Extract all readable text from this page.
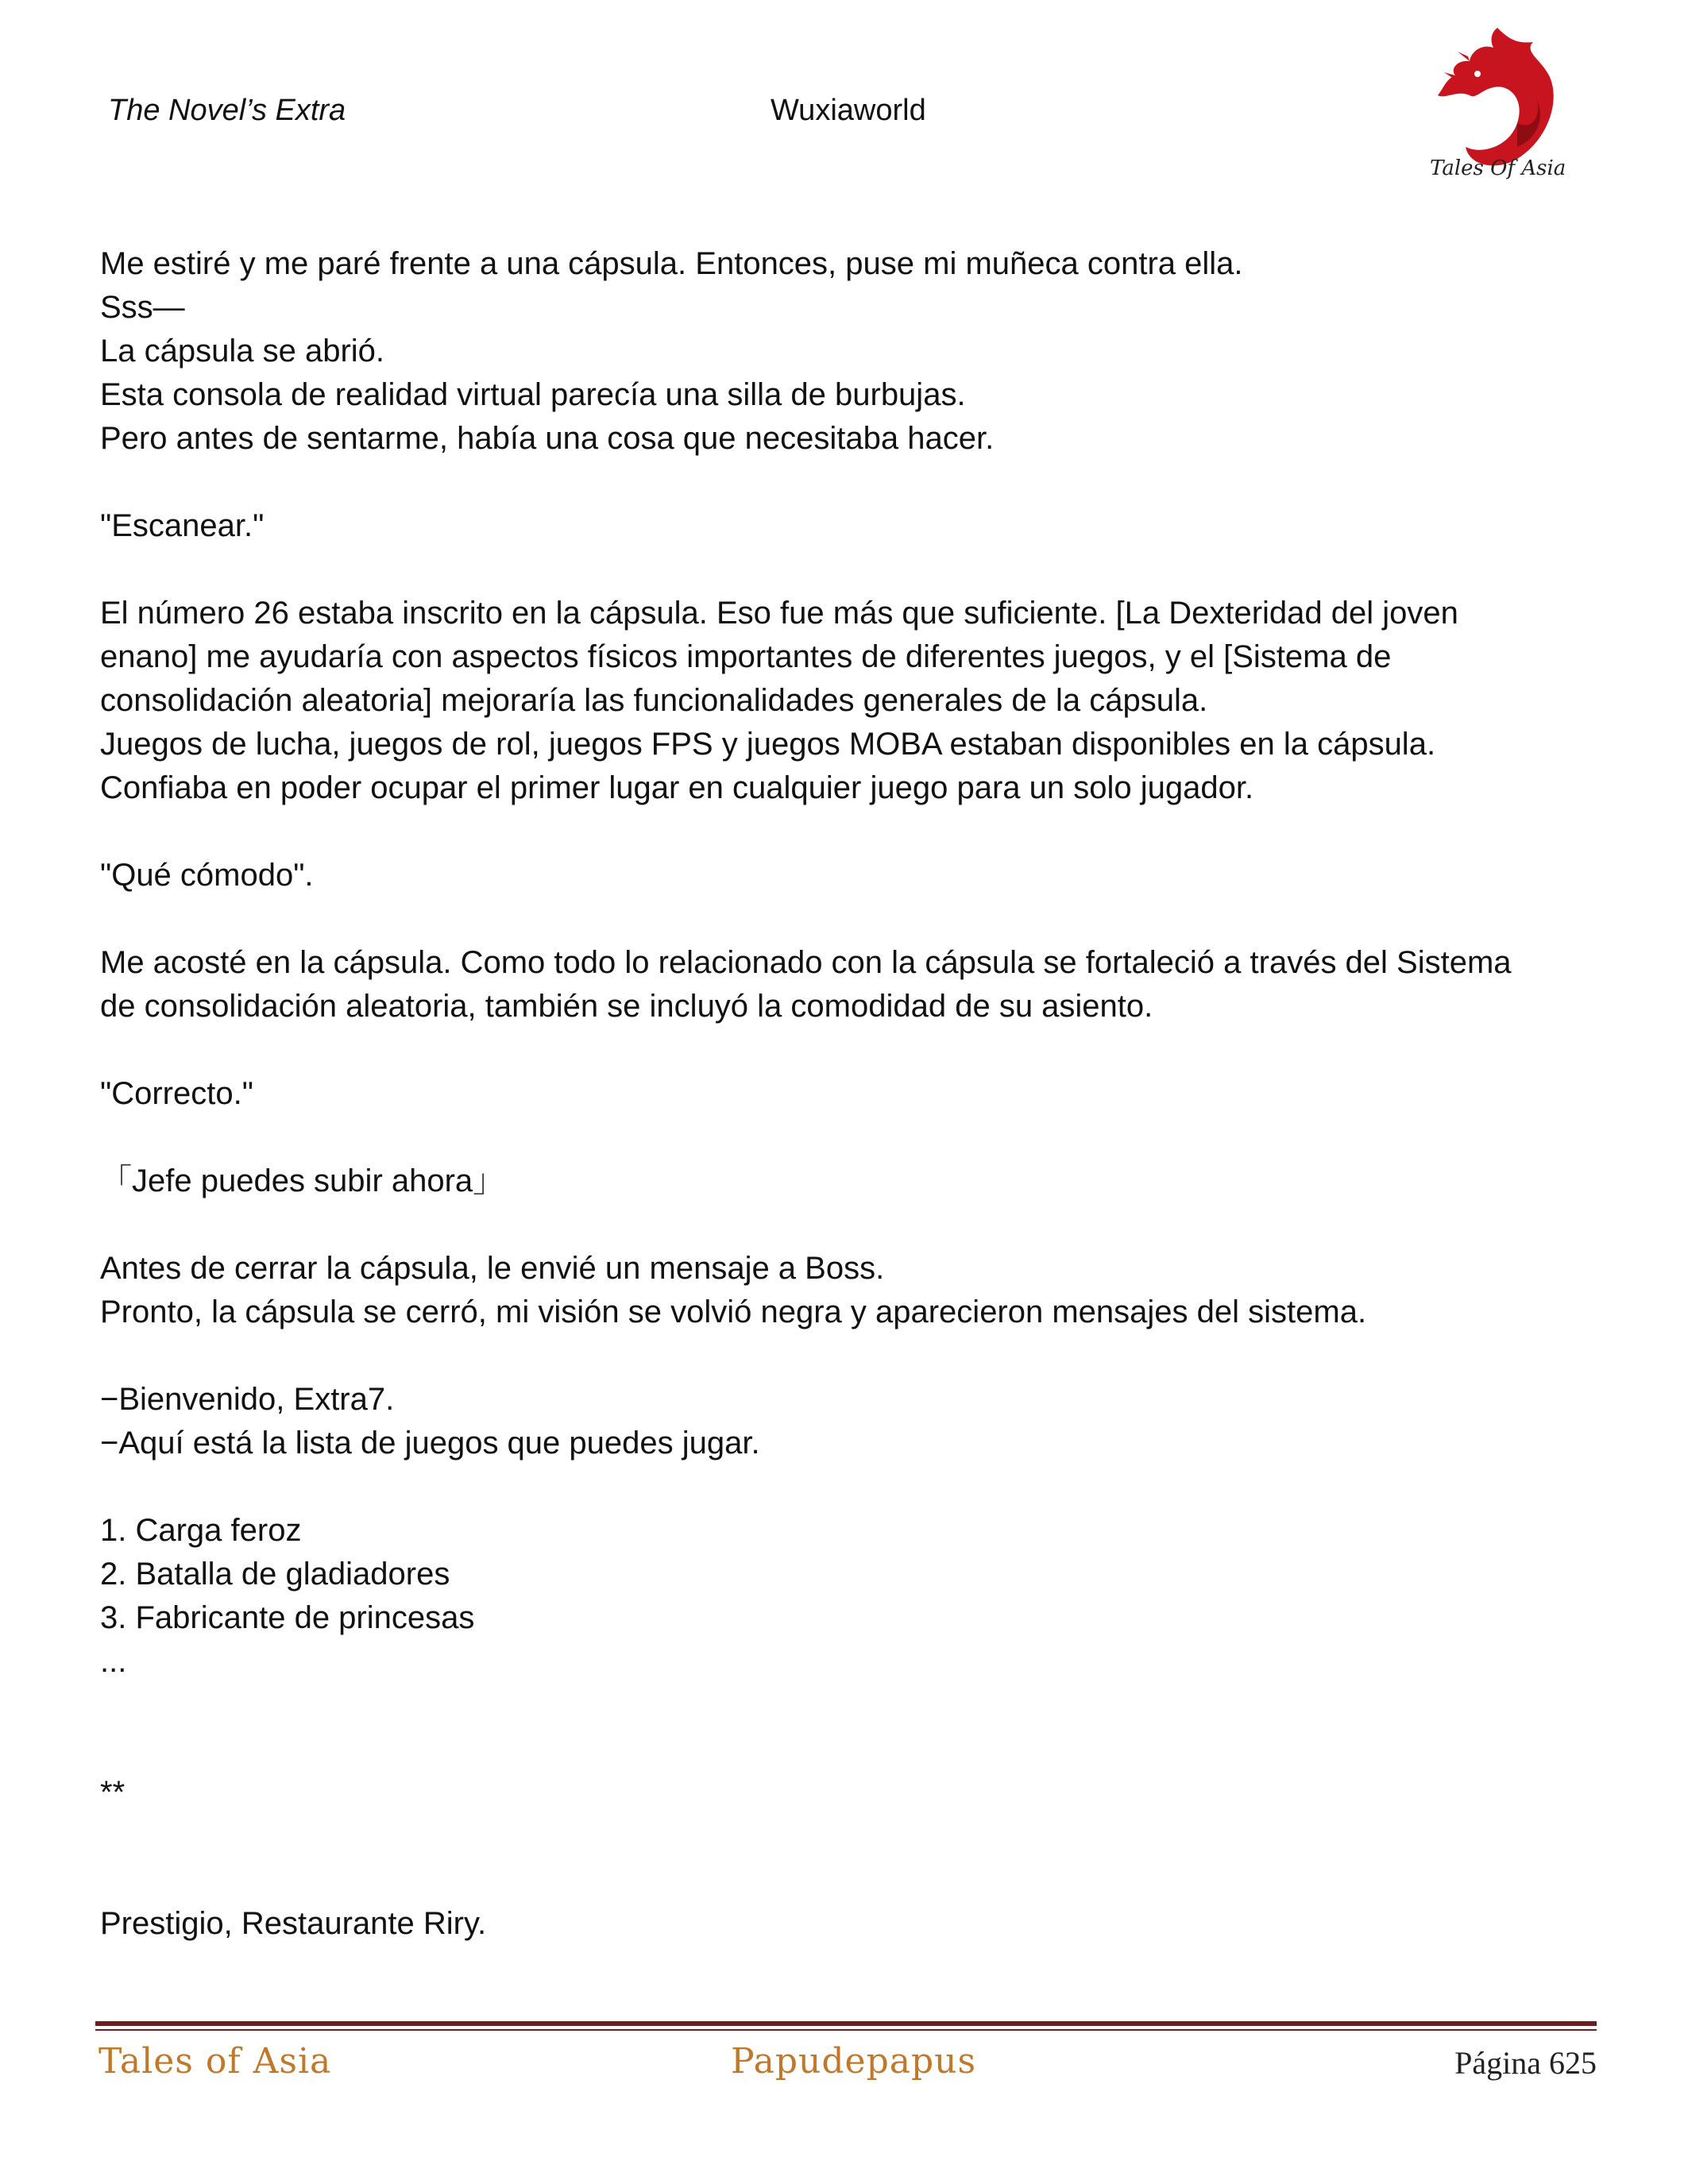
The Novel’s Extra	Wuxiaworld
Tales Of Asia

Me estiré y me paré frente a una cápsula. Entonces, puse mi muñeca contra ella.

Sss—

La cápsula se abrió.

Esta consola de realidad virtual parecía una silla de burbujas.

Pero antes de sentarme, había una cosa que necesitaba hacer.

"Escanear."

El número 26 estaba inscrito en la cápsula. Eso fue más que suficiente. [La Dexteridad del joven

enano] me ayudaría con aspectos físicos importantes de diferentes juegos, y el [Sistema de

consolidación aleatoria] mejoraría las funcionalidades generales de la cápsula.

Juegos de lucha, juegos de rol, juegos FPS y juegos MOBA estaban disponibles en la cápsula.

Confiaba en poder ocupar el primer lugar en cualquier juego para un solo jugador.

"Qué cómodo".

Me acosté en la cápsula. Como todo lo relacionado con la cápsula se fortaleció a través del Sistema

de consolidación aleatoria, también se incluyó la comodidad de su asiento.

"Correcto."

「Jefe puedes subir ahora」

Antes de cerrar la cápsula, le envié un mensaje a Boss.

Pronto, la cápsula se cerró, mi visión se volvió negra y aparecieron mensajes del sistema.

−Bienvenido, Extra7.

−Aquí está la lista de juegos que puedes jugar.

1. Carga feroz

2. Batalla de gladiadores

3. Fabricante de princesas

...

**

Prestigio, Restaurante Riry.

Tales of Asia	Papudepapus	Página 625
